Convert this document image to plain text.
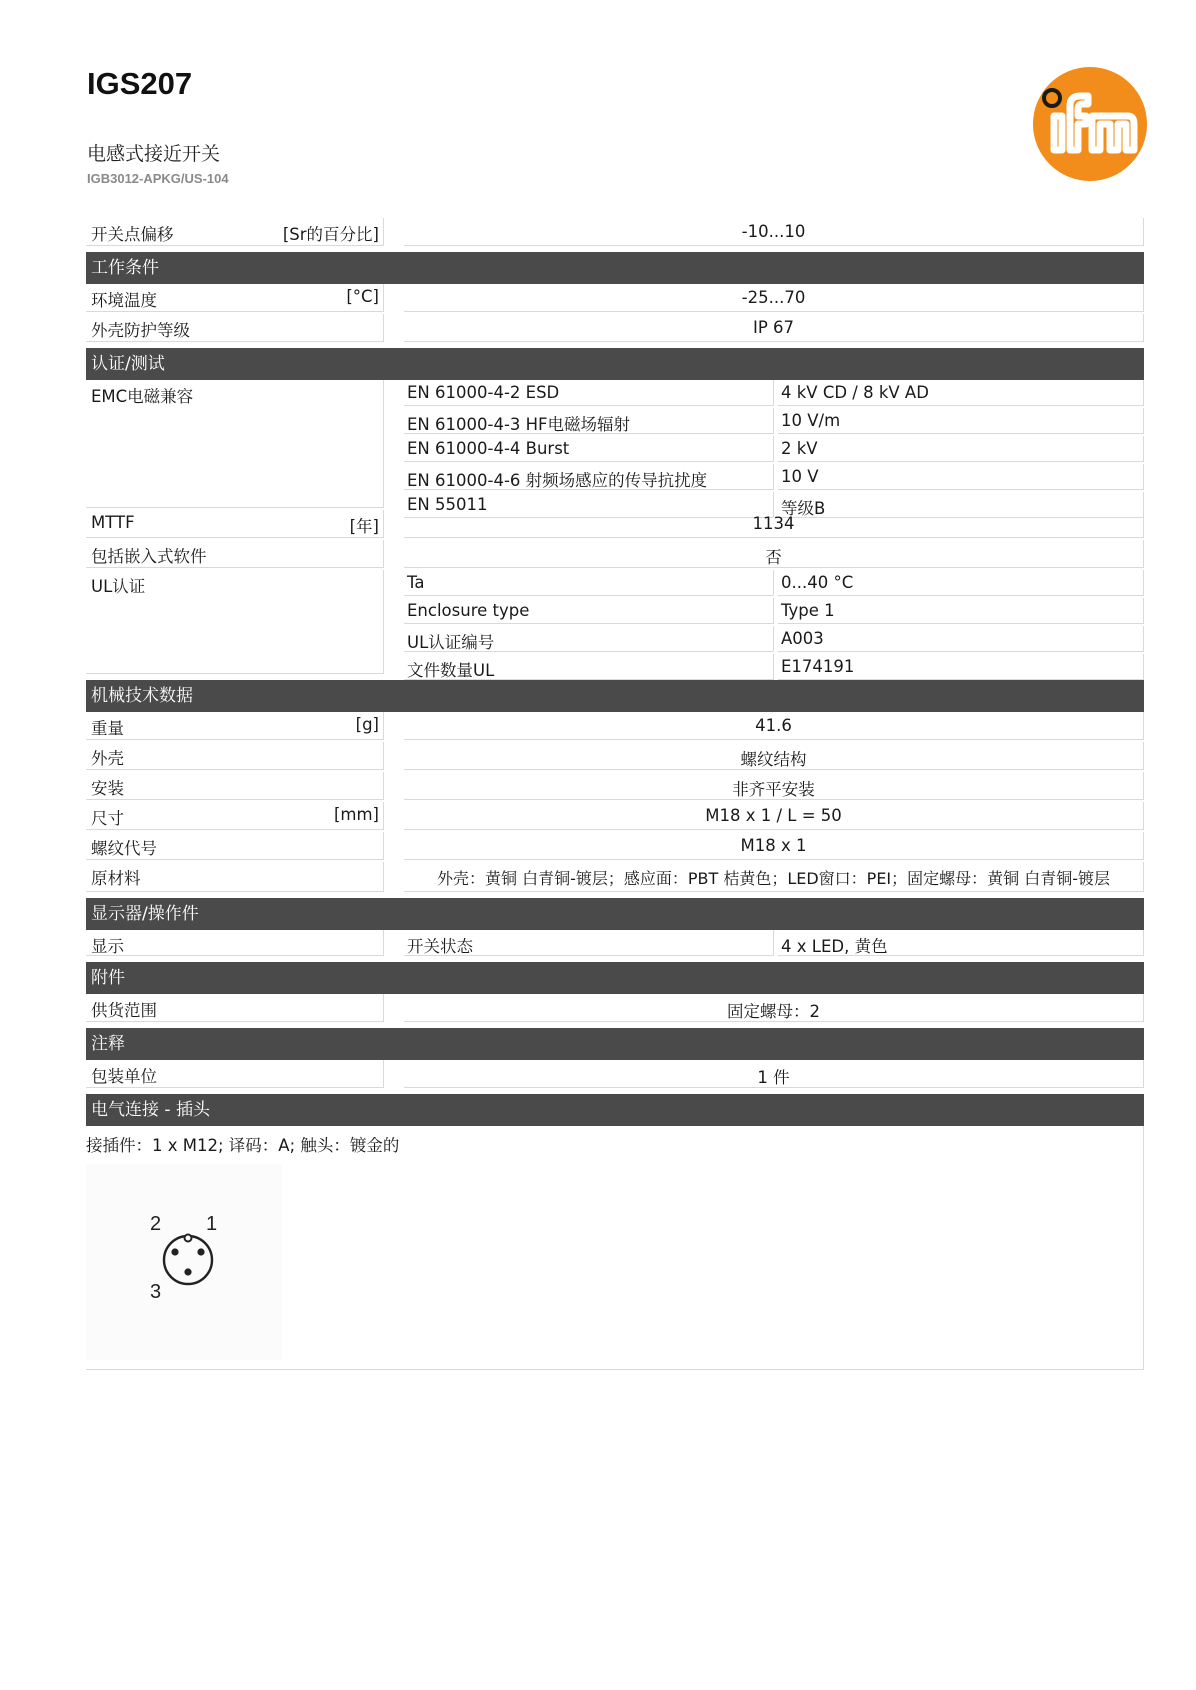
IGS207
电感式接近开关
IGB3012-APKG/US-104
开关点偏移	[Sr的百分比]	-10...10
工作条件
环境温度	[°C]	-25...70
外壳防护等级	IP 67
认证/测试
EMC电磁兼容	EN 61000-4-2 ESD	4 kV CD / 8 kV AD
EN 61000-4-3 HF电磁场辐射	10 V/m
EN 61000-4-4 Burst	2 kV
EN 61000-4-6 射频场感应的传导抗扰度	10 V
EN 55011	等级B
MTTF	[年]	1134
包括嵌入式软件	否
UL认证	Ta	0...40 °C
Enclosure type	Type 1
UL认证编号	A003
文件数量UL	E174191
机械技术数据
重量	[g]	41.6
外壳	螺纹结构
安装	非齐平安装
尺寸	[mm]	M18 x 1 / L = 50
螺纹代号	M18 x 1
原材料	外壳：黄铜 白青铜-镀层；感应面：PBT 桔黄色；LED窗口：PEI；固定螺母：黄铜 白青铜-镀层
显示器/操作件
显示	开关状态	4 x LED, 黄色
附件
供货范围	固定螺母：2
注释
包装单位	1 件
电气连接 - 插头
接插件：1 x M12; 译码：A; 触头：镀金的
2 1
3
